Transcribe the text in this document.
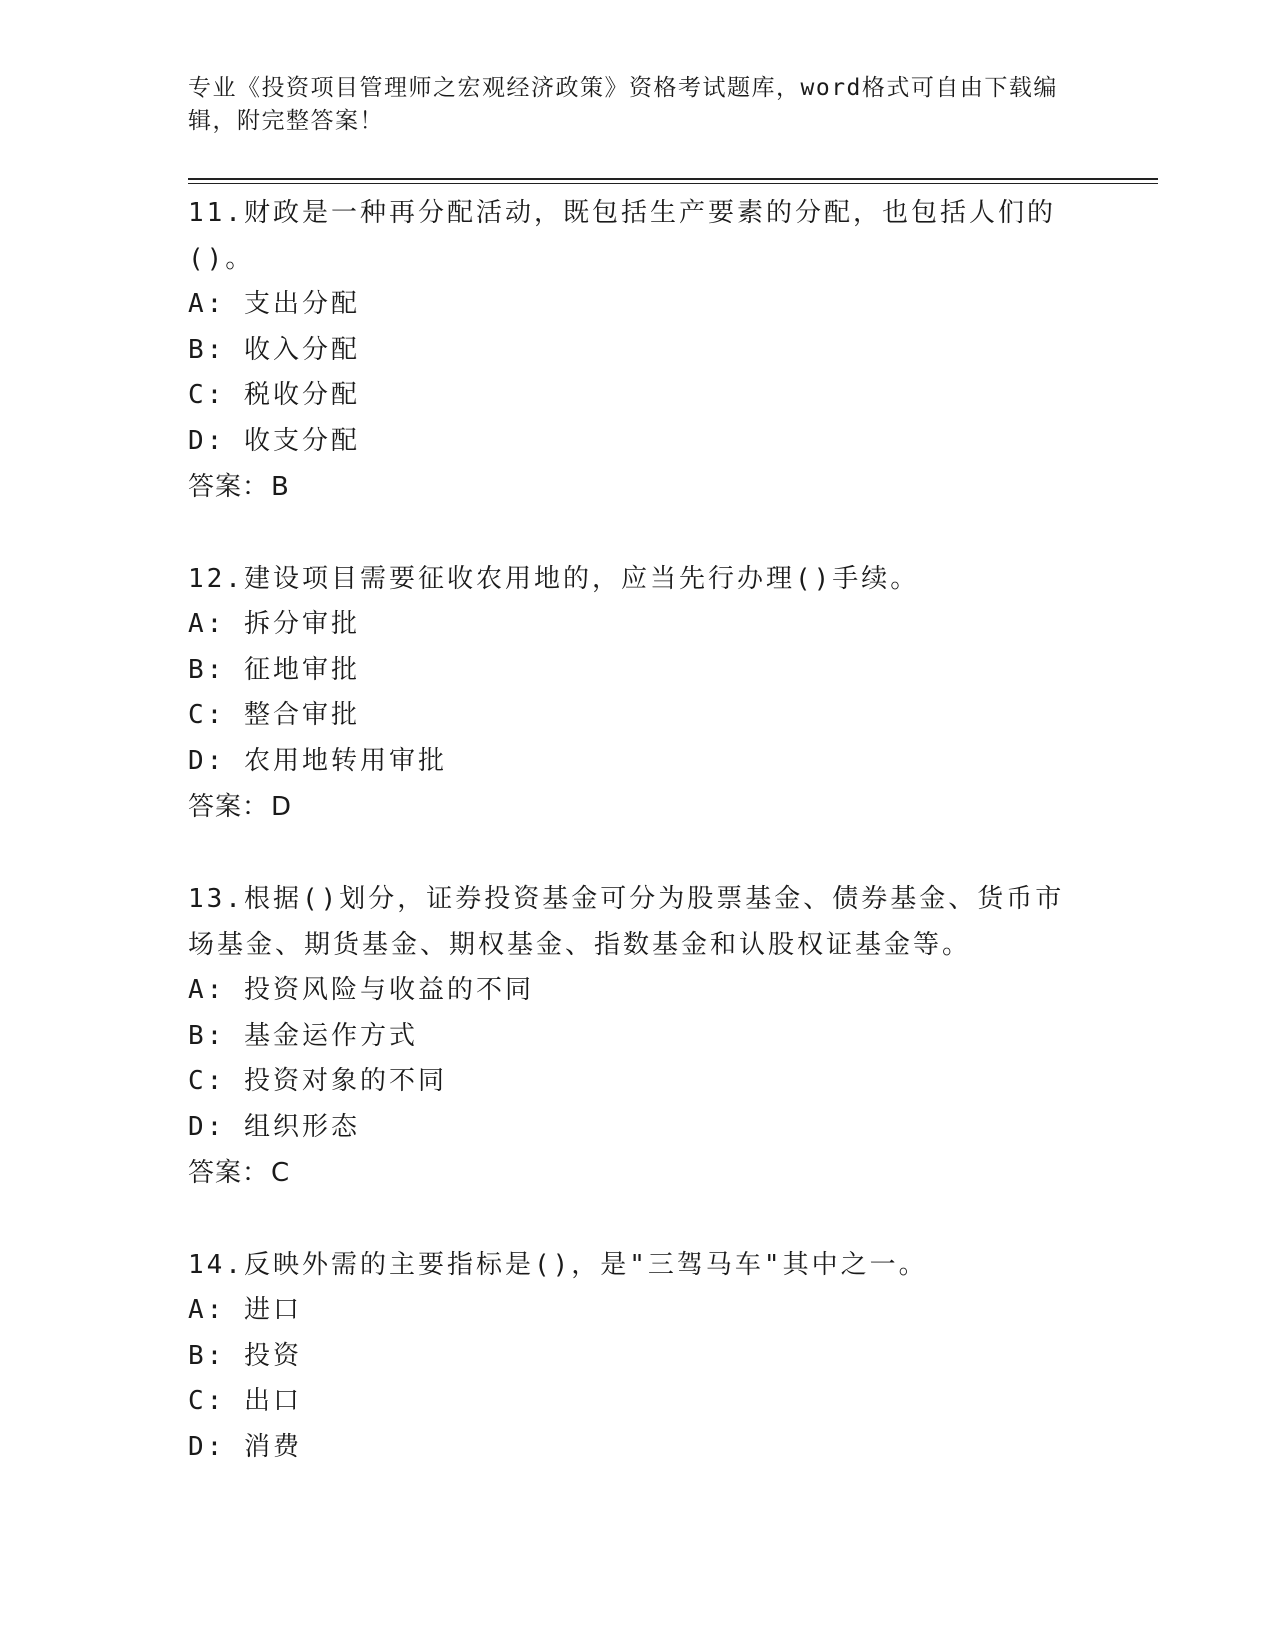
专业《投资项目管理师之宏观经济政策》资格考试题库，word格式可自由下载编辑，附完整答案！
11.财政是一种再分配活动，既包括生产要素的分配，也包括人们的()。
A: 支出分配
B: 收入分配
C: 税收分配
D: 收支分配
答案：B
12.建设项目需要征收农用地的，应当先行办理()手续。
A: 拆分审批
B: 征地审批
C: 整合审批
D: 农用地转用审批
答案：D
13.根据()划分，证券投资基金可分为股票基金、债券基金、货币市场基金、期货基金、期权基金、指数基金和认股权证基金等。
A: 投资风险与收益的不同
B: 基金运作方式
C: 投资对象的不同
D: 组织形态
答案：C
14.反映外需的主要指标是()，是"三驾马车"其中之一。
A: 进口
B: 投资
C: 出口
D: 消费
